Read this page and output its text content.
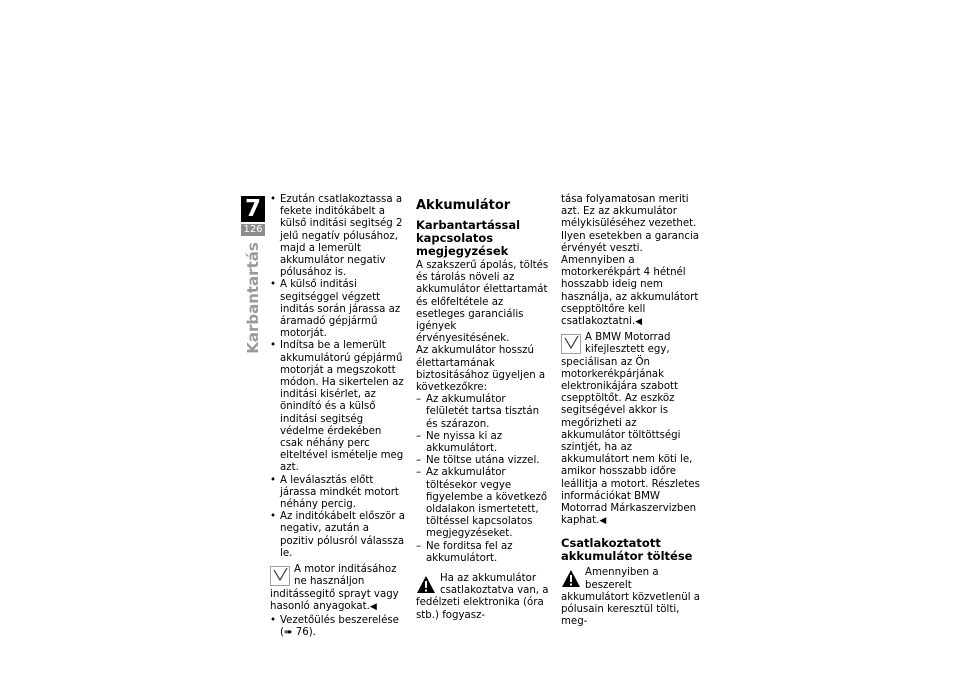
7
126
Karbantartás
• Ezután csatlakoztassa a fekete inditókábelt a külső inditási segitség 2 jelű negatív pólusához, majd a lemerült akkumulátor negativ pólusához is.
• A külső inditási segitséggel végzett inditás során járassa az áramadó gépjármű motorját.
• Indítsa be a lemerült akkumulátorú gépjármű motorját a megszokott módon. Ha sikertelen az inditási kisérlet, az önindító és a külső inditási segitség védelme érdekében csak néhány perc elteltével ismételje meg azt.
• A leválasztás előtt járassa mindkét motort néhány percig.
• Az inditókábelt először a negativ, azután a pozitiv pólusról válassza le.
A motor inditásához ne használjon inditássegitő sprayt vagy hasonló anyagokat.◀
• Vezetőülés beszerelése (➠ 76).
Akkumulátor
Karbantartással kapcsolatos megjegyzések

A szakszerű ápolás, töltés és tárolás növeli az akkumulátor élettartamát és előfeltétele az esetleges garanciális igények érvényesitésének.

Az akkumulátor hosszú élettartamának biztositásához ügyeljen a következőkre:

– Az akkumulátor felületét tartsa tisztán és szárazon.
– Ne nyissa ki az akkumulátort.
– Ne töltse utána vizzel.
– Az akkumulátor töltésekor vegye figyelembe a következő oldalakon ismertetett, töltéssel kapcsolatos megjegyzéseket.
– Ne forditsa fel az akkumulátort.
Ha az akkumulátor csatlakoztatva van, a fedélzeti elektronika (óra stb.) fogyasz-

tása folyamatosan meriti azt. Ez az akkumulátor mélykisüléséhez vezethet. Ilyen esetekben a garancia érvényét veszti.

Amennyiben a motorkerékpárt 4 hétnél hosszabb ideig nem használja, az akkumulátort csepptöltőre kell csatlakoztatni.◀

A BMW Motorrad kifejlesztett egy, speciálisan az Ön motorkerékpárjának elektronikájára szabott csepptöltőt. Az eszköz segitségével akkor is megőrizheti az akkumulátor töltöttségi szintjét, ha az akkumulátort nem köti le, amikor hosszabb időre leállitja a motort. Részletes információkat BMW Motorrad Márkaszervizben kaphat.◀
Csatlakoztatott akkumulátor töltése
Amennyiben a beszerelt akkumulátort közvetlenül a pólusain keresztül tölti, meg-
